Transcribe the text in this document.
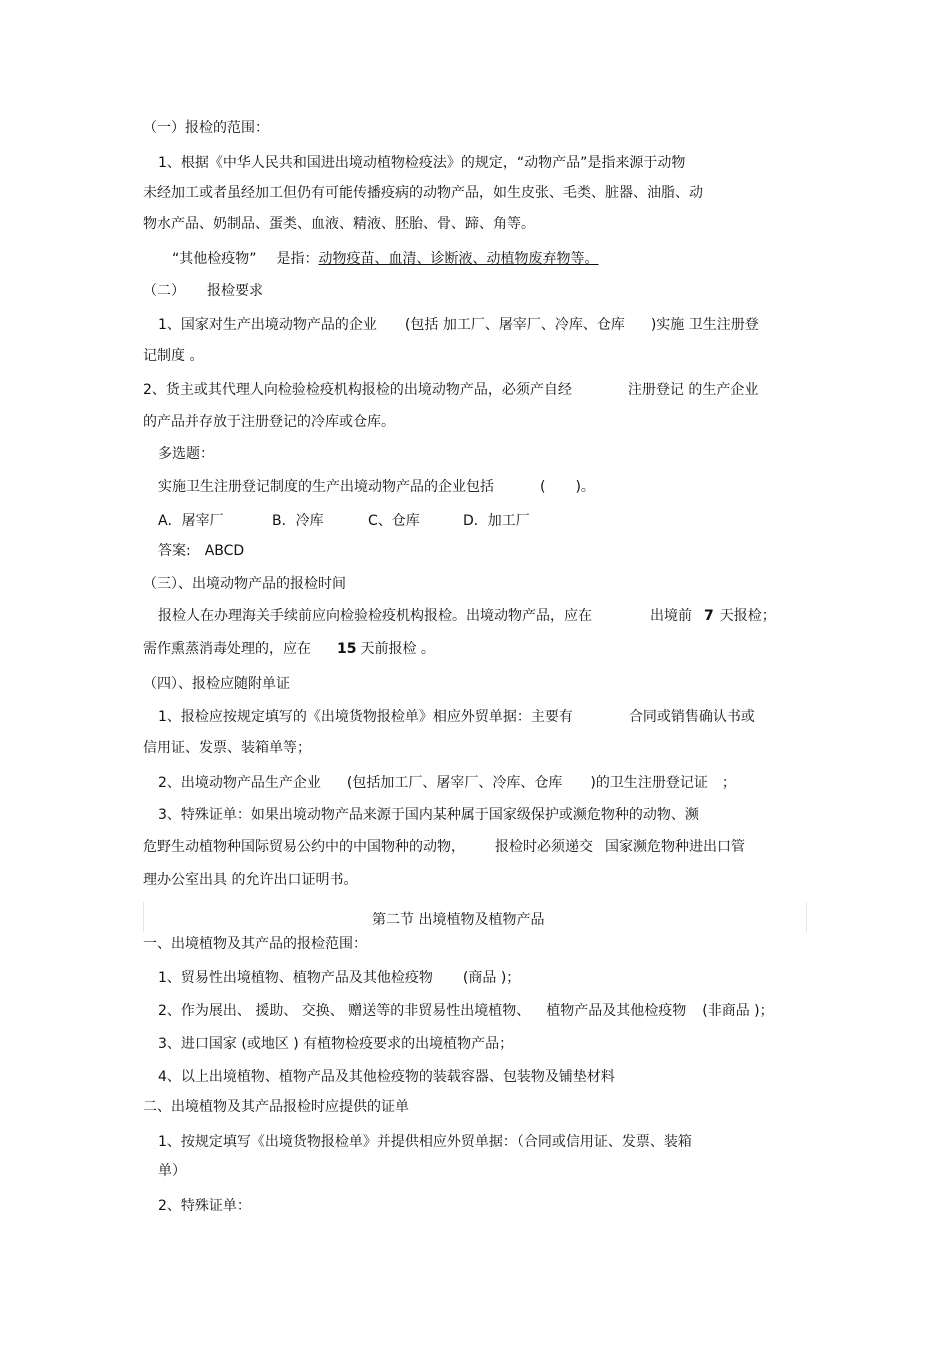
（一）报检的范围：
1、根据《中华人民共和国进出境动植物检疫法》的规定，“动物产品”是指来源于动物
未经加工或者虽经加工但仍有可能传播疫病的动物产品，如生皮张、毛类、脏器、油脂、动
物水产品、奶制品、蛋类、血液、精液、胚胎、骨、蹄、角等。
“其他检疫物” 是指：动物疫苗、血清、诊断液、动植物废弃物等。
（二） 报检要求
1、国家对生产出境动物产品的企业 (包括 加工厂、屠宰厂、冷库、仓库 )实施 卫生注册登
记制度 。
2、货主或其代理人向检验检疫机构报检的出境动物产品，必须产自经	注册登记 的生产企业
的产品并存放于注册登记的冷库或仓库。
多选题：
实施卫生注册登记制度的生产出境动物产品的企业包括	( )。
A．屠宰厂	B．冷库	C、仓库	D．加工厂
答案: ABCD
（三）、出境动物产品的报检时间
报检人在办理海关手续前应向检验检疫机构报检。出境动物产品，应在	出境前 7 天报检；
需作熏蒸消毒处理的，应在 15 天前报检 。
（四）、报检应随附单证
1、报检应按规定填写的《出境货物报检单》相应外贸单据：主要有	合同或销售确认书或
信用证、发票、装箱单等；
2、出境动物产品生产企业 (包括加工厂、屠宰厂、冷库、仓库 )的卫生注册登记证 ；
3、特殊证单：如果出境动物产品来源于国内某种属于国家级保护或濒危物种的动物、濒
危野生动植物种国际贸易公约中的中国物种的动物， 报检时必须递交 国家濒危物种进出口管
理办公室出具 的允许出口证明书。
第二节 出境植物及植物产品
一、出境植物及其产品的报检范围：
1、贸易性出境植物、植物产品及其他检疫物 (商品 )；
2、作为展出、 援助、 交换、 赠送等的非贸易性出境植物、 植物产品及其他检疫物 (非商品 )；
3、进口国家 (或地区 ) 有植物检疫要求的出境植物产品；
4、以上出境植物、植物产品及其他检疫物的装载容器、包装物及铺垫材料
二、出境植物及其产品报检时应提供的证单
1、按规定填写《出境货物报检单》并提供相应外贸单据：（合同或信用证、发票、装箱
单）
2、特殊证单：
